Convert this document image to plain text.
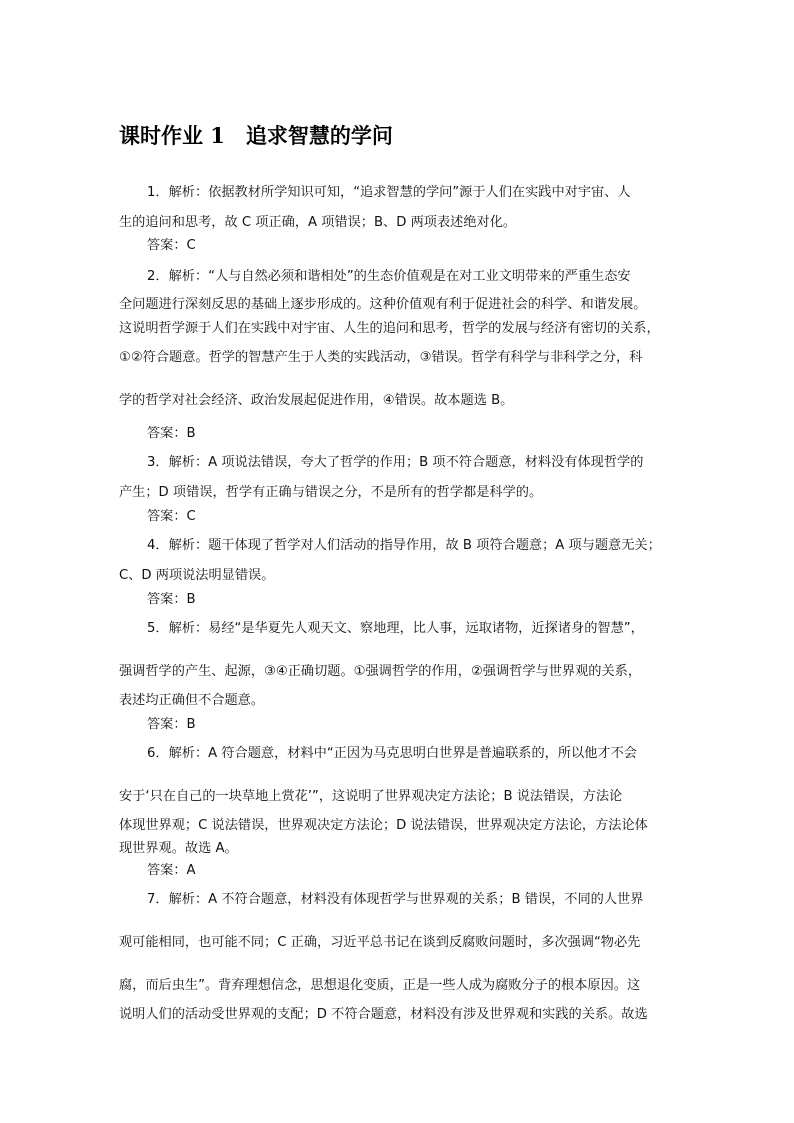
课时作业 1　追求智慧的学问
1．解析：依据教材所学知识可知，“追求智慧的学问”源于人们在实践中对宇宙、人
生的追问和思考，故 C 项正确，A 项错误；B、D 两项表述绝对化。
答案：C
2．解析：“人与自然必须和谐相处”的生态价值观是在对工业文明带来的严重生态安
全问题进行深刻反思的基础上逐步形成的。这种价值观有利于促进社会的科学、和谐发展。
这说明哲学源于人们在实践中对宇宙、人生的追问和思考，哲学的发展与经济有密切的关系，
①②符合题意。哲学的智慧产生于人类的实践活动，③错误。哲学有科学与非科学之分，科
学的哲学对社会经济、政治发展起促进作用，④错误。故本题选 B。
答案：B
3．解析：A 项说法错误，夸大了哲学的作用；B 项不符合题意，材料没有体现哲学的
产生；D 项错误，哲学有正确与错误之分，不是所有的哲学都是科学的。
答案：C
4．解析：题干体现了哲学对人们活动的指导作用，故 B 项符合题意；A 项与题意无关；
C、D 两项说法明显错误。
答案：B
5．解析：易经“是华夏先人观天文、察地理，比人事，远取诸物，近探诸身的智慧”，
强调哲学的产生、起源，③④正确切题。①强调哲学的作用，②强调哲学与世界观的关系，
表述均正确但不合题意。
答案：B
6．解析：A 符合题意，材料中“正因为马克思明白世界是普遍联系的，所以他才不会
安于‘只在自己的一块草地上赏花’”，这说明了世界观决定方法论；B 说法错误，方法论
体现世界观；C 说法错误，世界观决定方法论；D 说法错误，世界观决定方法论，方法论体
现世界观。故选 A。
答案：A
7．解析：A 不符合题意，材料没有体现哲学与世界观的关系；B 错误，不同的人世界
观可能相同，也可能不同；C 正确，习近平总书记在谈到反腐败问题时，多次强调“物必先
腐，而后虫生”。背弃理想信念，思想退化变质，正是一些人成为腐败分子的根本原因。这
说明人们的活动受世界观的支配；D 不符合题意，材料没有涉及世界观和实践的关系。故选
